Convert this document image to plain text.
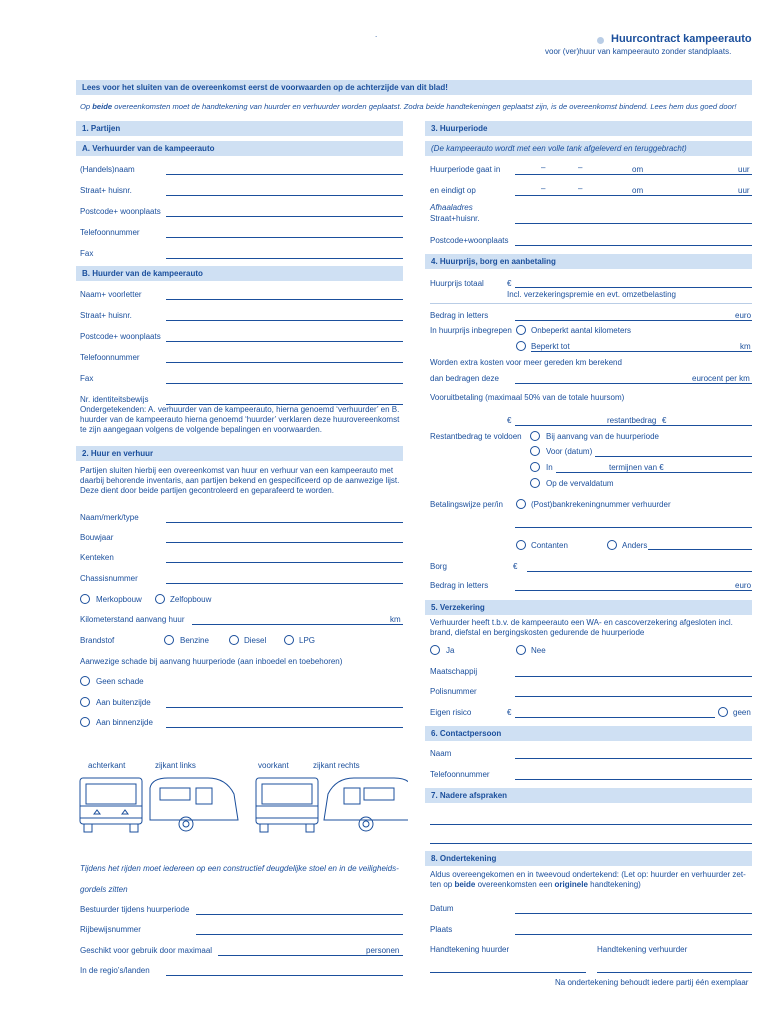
Huurcontract kampeerauto
voor (ver)huur van kampeerauto zonder standplaats.
.
Lees voor het sluiten van de overeenkomst eerst de voorwaarden op de achterzijde van dit blad!
Op beide overeenkomsten moet de handtekening van huurder en verhuurder worden geplaatst. Zodra beide handtekeningen geplaatst zijn, is de overeenkomst bindend. Lees hem dus goed door!
1. Partijen
A. Verhuurder van de kampeerauto
(Handels)naam
Straat+ huisnr.
Postcode+ woonplaats
Telefoonnummer
Fax
B. Huurder van de kampeerauto
Naam+ voorletter
Straat+ huisnr.
Postcode+ woonplaats
Telefoonnummer
Fax
Nr. identiteitsbewijs
Ondergetekenden: A. verhuurder van de kampeerauto, hierna genoemd ‘verhuurder’ en B. huurder van de kampeerauto hierna genoemd ‘huurder’ verklaren deze huurovereenkomst te zijn aangegaan volgens de volgende bepalingen en voorwaarden.
2. Huur en verhuur
Partijen sluiten hierbij een overeenkomst van huur en verhuur van een kampeerauto met daarbij behorende inventaris, aan partijen bekend en gespecificeerd op de aanwezige lijst. Deze dient door beide partijen gecontroleerd en geparafeerd te worden.
Naam/merk/type
Bouwjaar
Kenteken
Chassisnummer
Merkopbouw	Zelfopbouw
Kilometerstand aanvang huur	km
Brandstof	Benzine	Diesel	LPG
Aanwezige schade bij aanvang huurperiode (aan inboedel en toebehoren)
Geen schade
Aan buitenzijde
Aan binnenzijde
achterkant	zijkant links	voorkant	zijkant rechts
Tijdens het rijden moet iedereen op een constructief deugdelijke stoel en in de veiligheidsgordels zitten
Bestuurder tijdens huurperiode
Rijbewijsnummer
Geschikt voor gebruik door maximaal	personen
In de regio’s/landen
3. Huurperiode
(De kampeerauto wordt met een volle tank afgeleverd en teruggebracht)
Huurperiode gaat in	–	–	om	uur
en eindigt op	–	–	om	uur
Afhaaladres
Straat+huisnr.
Postcode+woonplaats
4. Huurprijs, borg en aanbetaling
Huurprijs totaal	€
Incl. verzekeringspremie en evt. omzetbelasting
Bedrag in letters	euro
In huurprijs inbegrepen Onbeperkt aantal kilometers
Beperkt tot	km
Worden extra kosten voor meer gereden km berekend
dan bedragen deze	eurocent per km
Vooruitbetaling (maximaal 50% van de totale huursom)
€	restantbedrag €
Restantbedrag te voldoen	Bij aanvang van de huurperiode
Voor (datum)
In	termijnen van €
Op de vervaldatum
Betalingswijze per/in	(Post)bankrekeningnummer verhuurder
Contanten	Anders
Borg	€
Bedrag in letters	euro
5. Verzekering
Verhuurder heeft t.b.v. de kampeerauto een WA- en cascoverzekering afgesloten incl. brand, diefstal en bergingskosten gedurende de huurperiode
Ja	Nee
Maatschappij
Polisnummer
Eigen risico	€	geen
6. Contactpersoon
Naam
Telefoonnummer
7. Nadere afspraken
8. Ondertekening
Aldus overeengekomen en in tweevoud ondertekend: (Let op: huurder en verhuurder zetten op beide overeenkomsten een originele handtekening)
Datum
Plaats
Handtekening huurder	Handtekening verhuurder
Na ondertekening behoudt iedere partij één exemplaar
